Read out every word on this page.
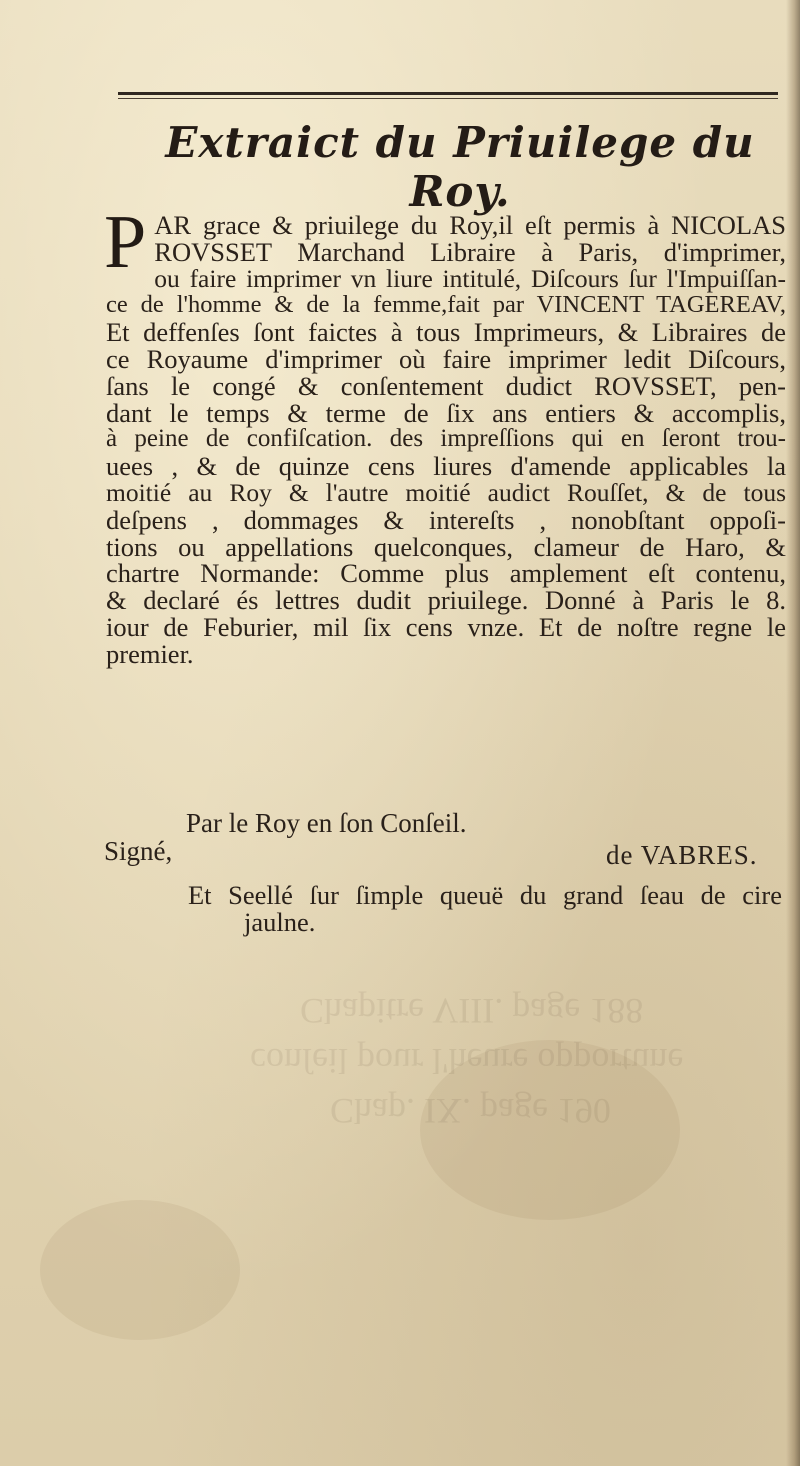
Chapitre VIII. page 188
conſeil pour l'heure opportune
Chap. IX. page 190
Extraict du Priuilege du Roy.
P AR grace & priuilege du Roy,il eſt permis à NICOLAS
ROVSSET Marchand Libraire à Paris, d'imprimer,
ou faire imprimer vn liure intitulé, Diſcours ſur l'Impuiſſan-
ce de l'homme & de la femme,fait par VINCENT TAGEREAV,
Et deffenſes ſont faictes à tous Imprimeurs, & Libraires de
ce Royaume d'imprimer où faire imprimer ledit Diſcours,
ſans le congé & conſentement dudict ROVSSET, pen-
dant le temps & terme de ſix ans entiers & accomplis,
à peine de confiſcation. des impreſſions qui en ſeront trou-
uees , & de quinze cens liures d'amende applicables la
moitié au Roy & l'autre moitié audict Rouſſet, & de tous
deſpens , dommages & intereſts , nonobſtant oppoſi-
tions ou appellations quelconques, clameur de Haro, &
chartre Normande: Comme plus amplement eſt contenu,
& declaré és lettres dudit priuilege. Donné à Paris le 8.
iour de Feburier, mil ſix cens vnze. Et de noſtre regne le
premier.
Par le Roy en ſon Conſeil.
Signé,	de VABRES.
Et Seellé ſur ſimple queuë du grand ſeau de cire
jaulne.
